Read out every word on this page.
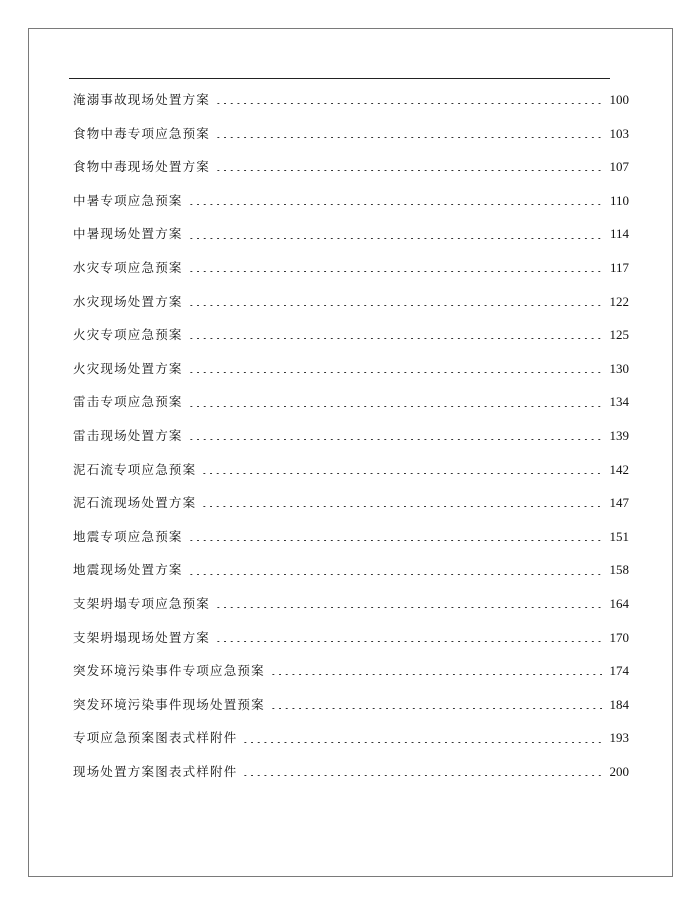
淹溺事故现场处置方案	100
食物中毒专项应急预案	103
食物中毒现场处置方案	107
中暑专项应急预案	110
中暑现场处置方案	114
水灾专项应急预案	117
水灾现场处置方案	122
火灾专项应急预案	125
火灾现场处置方案	130
雷击专项应急预案	134
雷击现场处置方案	139
泥石流专项应急预案	142
泥石流现场处置方案	147
地震专项应急预案	151
地震现场处置方案	158
支架坍塌专项应急预案	164
支架坍塌现场处置方案	170
突发环境污染事件专项应急预案	174
突发环境污染事件现场处置预案	184
专项应急预案图表式样附件	193
现场处置方案图表式样附件	200
